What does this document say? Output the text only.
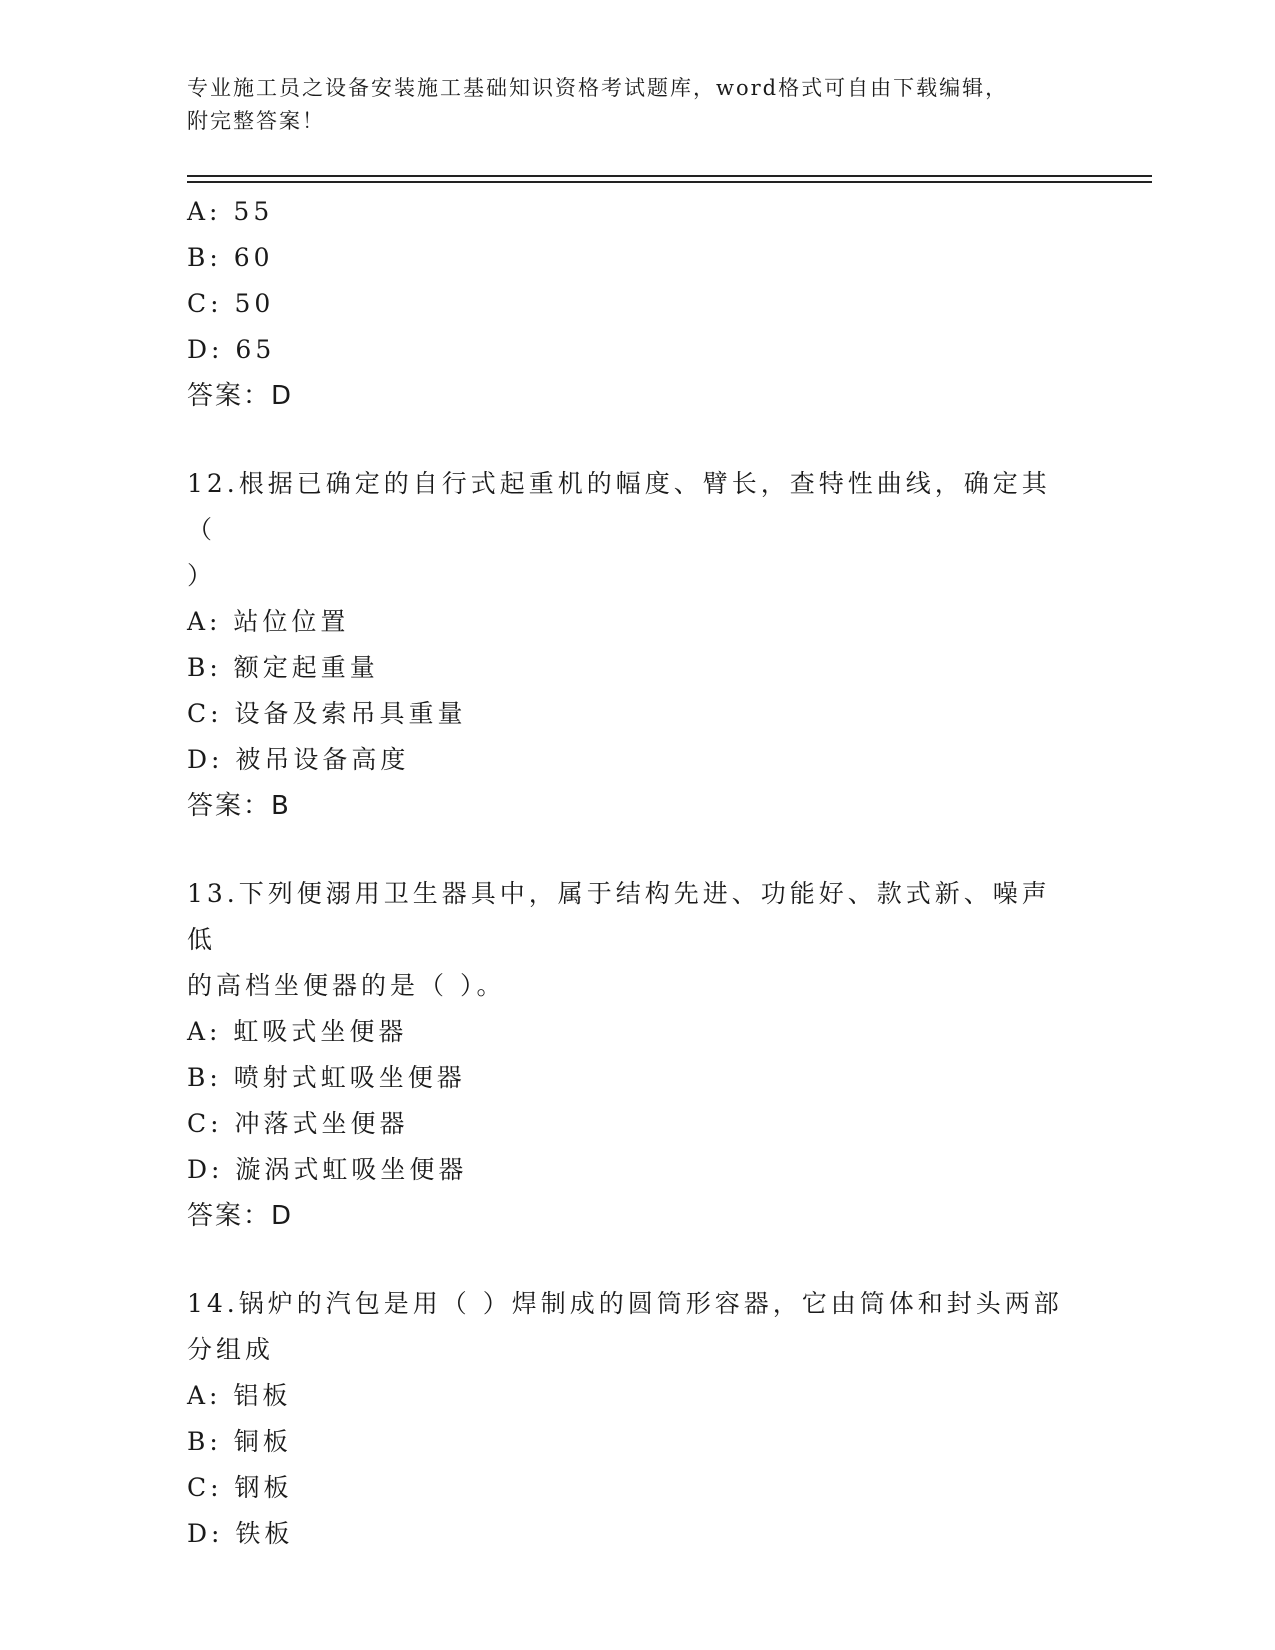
专业施工员之设备安装施工基础知识资格考试题库，word格式可自由下载编辑，
附完整答案！
A: 55
B: 60
C: 50
D: 65
答案：D
12.根据已确定的自行式起重机的幅度、臂长，查特性曲线，确定其（
）
A: 站位位置
B: 额定起重量
C: 设备及索吊具重量
D: 被吊设备高度
答案：B
13.下列便溺用卫生器具中，属于结构先进、功能好、款式新、噪声低
的高档坐便器的是（ ）。
A: 虹吸式坐便器
B: 喷射式虹吸坐便器
C: 冲落式坐便器
D: 漩涡式虹吸坐便器
答案：D
14.锅炉的汽包是用（ ）焊制成的圆筒形容器，它由筒体和封头两部
分组成
A: 铝板
B: 铜板
C: 钢板
D: 铁板
